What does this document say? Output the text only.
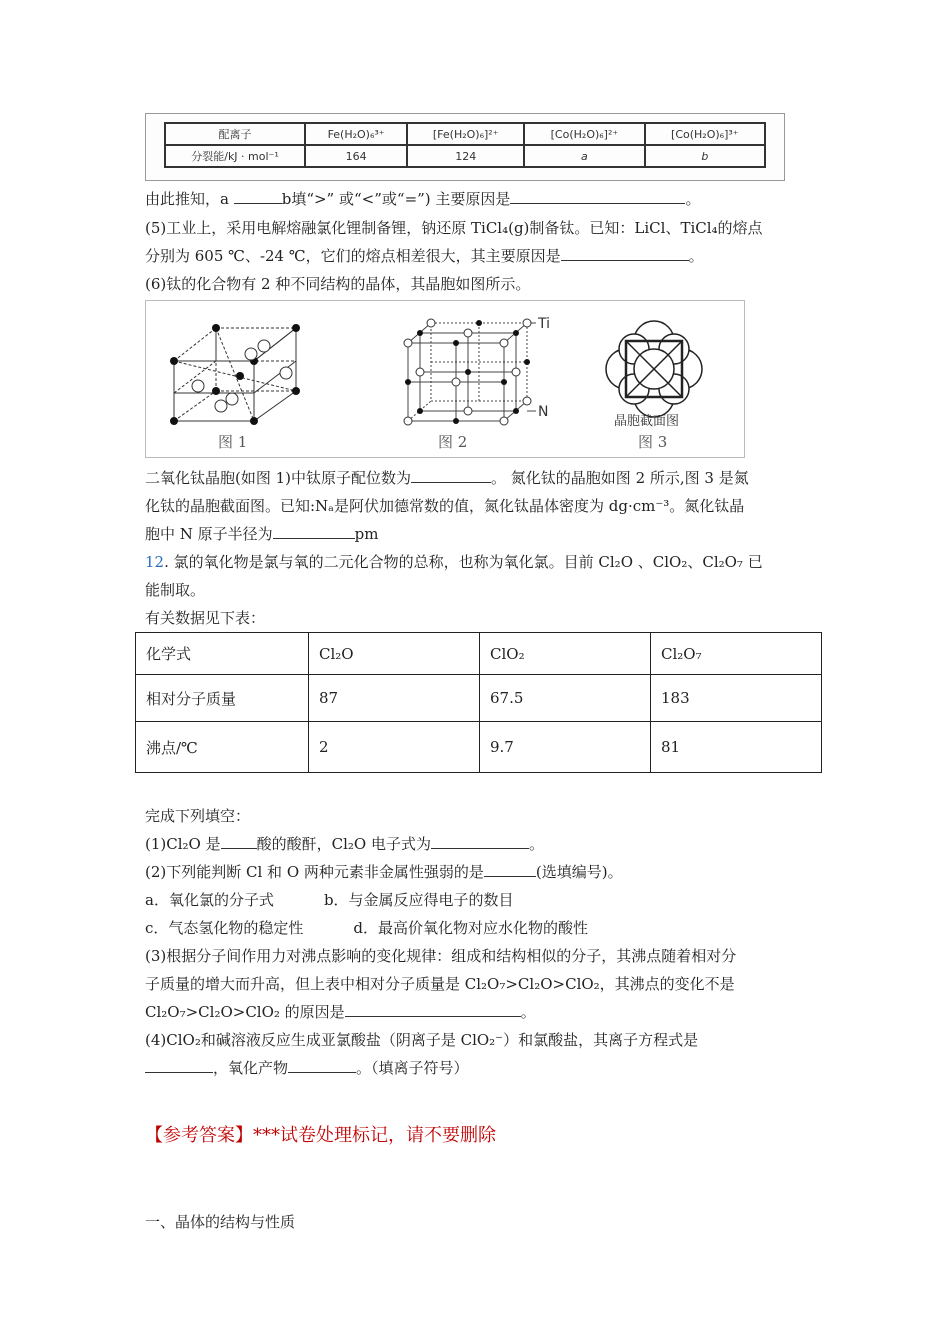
配离子	Fe(H₂O)₆³⁺	[Fe(H₂O)₆]²⁺	[Co(H₂O)₆]²⁺	[Co(H₂O)₆]³⁺
分裂能/kJ · mol⁻¹	164	124	a	b
由此推知，a	b填“>” 或“<”或“=”) 主要原因是	。
(5)工业上，采用电解熔融氯化锂制备锂，钠还原 TiCl₄(g)制备钛。已知：LiCl、TiCl₄的熔点
分别为 605 ℃、-24 ℃，它们的熔点相差很大，其主要原因是	。
(6)钛的化合物有 2 种不同结构的晶体，其晶胞如图所示。
图 1
Ti
N
图 2
晶胞截面图
图 3
二氧化钛晶胞(如图 1)中钛原子配位数为	。 氮化钛的晶胞如图 2 所示,图 3 是氮
化钛的晶胞截面图。已知:Nₐ是阿伏加德常数的值，氮化钛晶体密度为 dg·cm⁻³。氮化钛晶
胞中 N 原子半径为	pm
12. 氯的氧化物是氯与氧的二元化合物的总称，也称为氧化氯。目前 Cl₂O 、ClO₂、Cl₂O₇ 已
能制取。
有关数据见下表：
化学式	Cl₂O	ClO₂	Cl₂O₇
相对分子质量	87	67.5	183
沸点/℃	2	9.7	81
完成下列填空：
(1)Cl₂O 是 酸的酸酐，Cl₂O 电子式为	。
(2)下列能判断 Cl 和 O 两种元素非金属性强弱的是	(选填编号)。
a．氧化氯的分子式	b．与金属反应得电子的数目
c．气态氢化物的稳定性	d．最高价氧化物对应水化物的酸性
(3)根据分子间作用力对沸点影响的变化规律：组成和结构相似的分子，其沸点随着相对分
子质量的增大而升高，但上表中相对分子质量是 Cl₂O₇>Cl₂O>ClO₂，其沸点的变化不是
Cl₂O₇>Cl₂O>ClO₂ 的原因是	。
(4)ClO₂和碱溶液反应生成亚氯酸盐（阴离子是 ClO₂⁻）和氯酸盐，其离子方程式是
，氧化产物	。（填离子符号）
【参考答案】***试卷处理标记，请不要删除
一、晶体的结构与性质
